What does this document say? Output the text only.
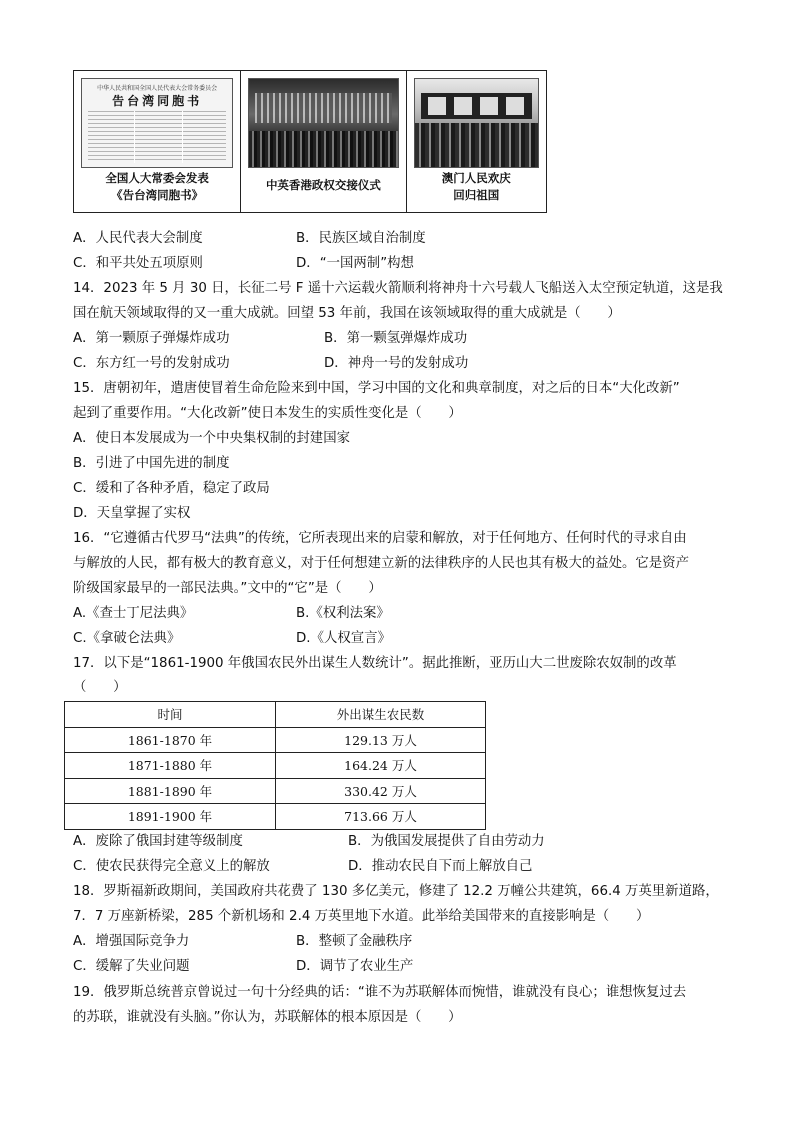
中华人民共和国全国人民代表大会常务委员会
告台湾同胞书
全国人大常委会发表
《告台湾同胞书》
中英香港政权交接仪式	澳门人民欢庆
回归祖国
A．人民代表大会制度	B．民族区域自治制度
C．和平共处五项原则	D．“一国两制”构想
14．2023 年 5 月 30 日，长征二号 F 遥十六运载火箭顺利将神舟十六号载人飞船送入太空预定轨道，这是我
国在航天领域取得的又一重大成就。回望 53 年前，我国在该领域取得的重大成就是（　　）
A．第一颗原子弹爆炸成功	B．第一颗氢弹爆炸成功
C．东方红一号的发射成功	D．神舟一号的发射成功
15．唐朝初年，遣唐使冒着生命危险来到中国，学习中国的文化和典章制度，对之后的日本“大化改新”
起到了重要作用。“大化改新”使日本发生的实质性变化是（　　）
A．使日本发展成为一个中央集权制的封建国家
B．引进了中国先进的制度
C．缓和了各种矛盾，稳定了政局
D．天皇掌握了实权
16．“它遵循古代罗马“法典”的传统，它所表现出来的启蒙和解放，对于任何地方、任何时代的寻求自由
与解放的人民，都有极大的教育意义，对于任何想建立新的法律秩序的人民也其有极大的益处。它是资产
阶级国家最早的一部民法典。”文中的“它”是（　　）
A.《查士丁尼法典》	B.《权利法案》
C.《拿破仑法典》	D.《人权宣言》
17．以下是“1861-1900 年俄国农民外出谋生人数统计”。据此推断，亚历山大二世废除农奴制的改革
（　　）
时间	外出谋生农民数
1861-1870 年	129.13 万人
1871-1880 年	164.24 万人
1881-1890 年	330.42 万人
1891-1900 年	713.66 万人
A．废除了俄国封建等级制度	B．为俄国发展提供了自由劳动力
C．使农民获得完全意义上的解放	D．推动农民自下而上解放自己
18．罗斯福新政期间，美国政府共花费了 130 多亿美元，修建了 12.2 万幢公共建筑，66.4 万英里新道路，
7．7 万座新桥梁，285 个新机场和 2.4 万英里地下水道。此举给美国带来的直接影响是（　　）
A．增强国际竞争力	B．整顿了金融秩序
C．缓解了失业问题	D．调节了农业生产
19．俄罗斯总统普京曾说过一句十分经典的话：“谁不为苏联解体而惋惜，谁就没有良心；谁想恢复过去
的苏联，谁就没有头脑。”你认为，苏联解体的根本原因是（　　）
